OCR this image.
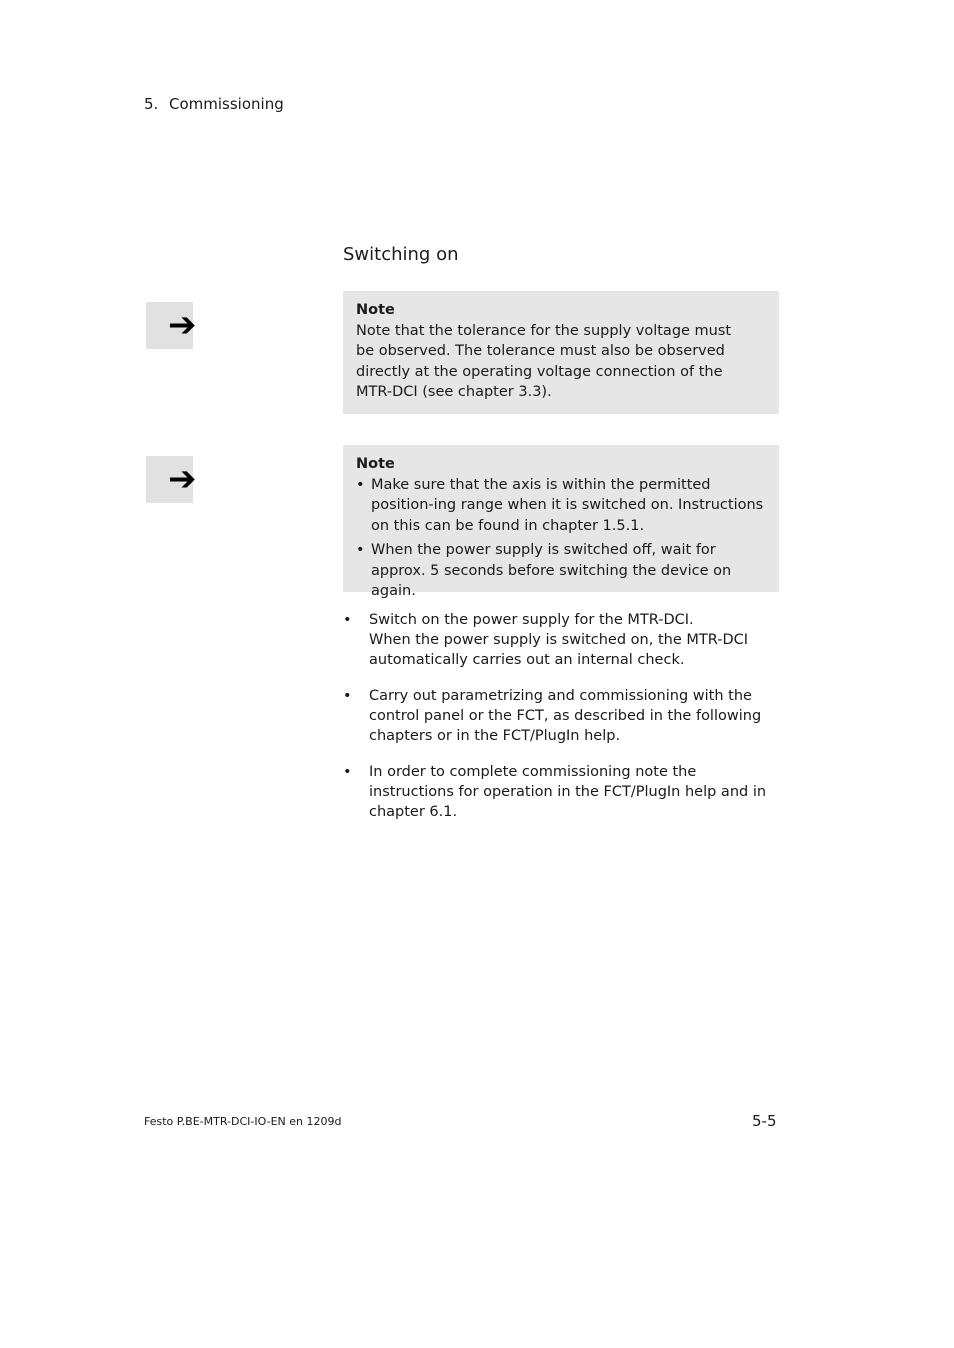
5. Commissioning
Switching on
➔	Note
Note that the tolerance for the supply voltage must be observed. The tolerance must also be observed directly at the operating voltage connection of the MTR-DCI (see chapter 3.3).
➔	Note
• Make sure that the axis is within the permitted position-ing range when it is switched on. Instructions on this can be found in chapter 1.5.1.
• When the power supply is switched off, wait for approx. 5 seconds before switching the device on again.
• Switch on the power supply for the MTR-DCI.
When the power supply is switched on, the MTR-DCI automatically carries out an internal check.
• Carry out parametrizing and commissioning with the control panel or the FCT, as described in the following chapters or in the FCT/PlugIn help.
• In order to complete commissioning note the instructions for operation in the FCT/PlugIn help and in chapter 6.1.
Festo P.BE-MTR-DCI-IO-EN en 1209d	5-5
